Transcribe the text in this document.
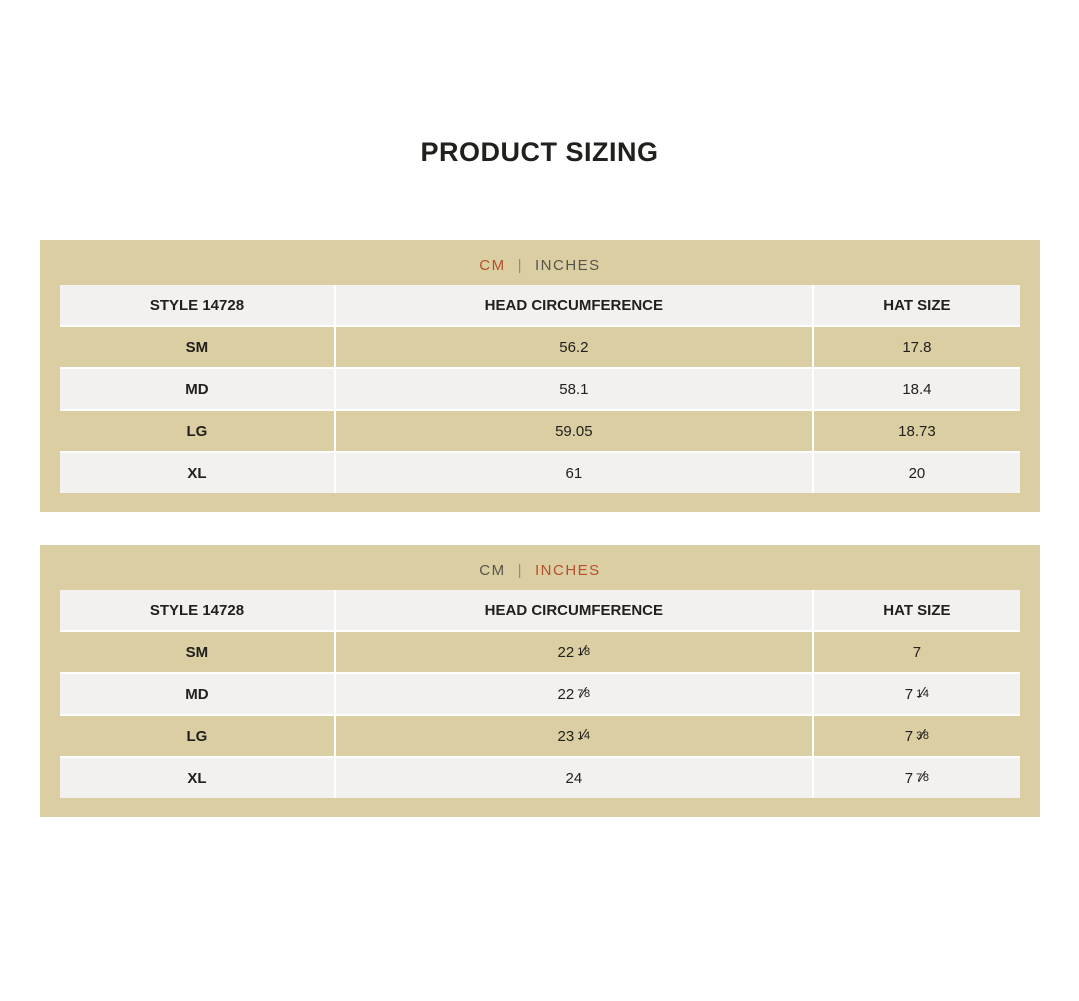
PRODUCT SIZING
CM | INCHES
STYLE 14728	HEAD CIRCUMFERENCE	HAT SIZE
SM	56.2	17.8
MD	58.1	18.4
LG	59.05	18.73
XL	61	20
CM | INCHES
STYLE 14728	HEAD CIRCUMFERENCE	HAT SIZE
SM	22 1 ⁄ 8	7
MD	22 7 ⁄ 8	7 1 ⁄ 4
LG	23 1 ⁄ 4	7 3 ⁄ 8
XL	24	7 7 ⁄ 8
